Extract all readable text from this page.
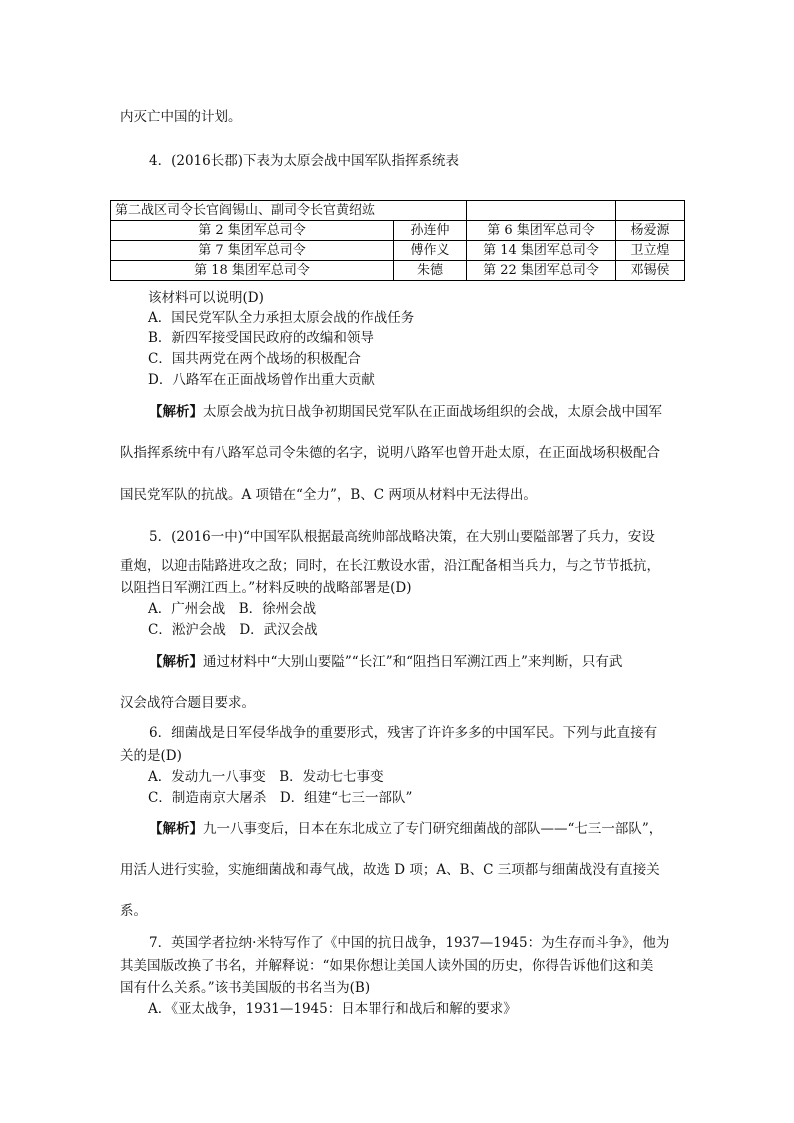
内灭亡中国的计划。
4．(2016长郡)下表为太原会战中国军队指挥系统表
第二战区司令长官阎锡山、副司令长官黄绍竑			
第 2 集团军总司令	孙连仲	第 6 集团军总司令	杨爱源
第 7 集团军总司令	傅作义	第 14 集团军总司令	卫立煌
第 18 集团军总司令	朱德	第 22 集团军总司令	邓锡侯
该材料可以说明(D)
A．国民党军队全力承担太原会战的作战任务
B．新四军接受国民政府的改编和领导
C．国共两党在两个战场的积极配合
D．八路军在正面战场曾作出重大贡献
【解析】太原会战为抗日战争初期国民党军队在正面战场组织的会战，太原会战中国军
队指挥系统中有八路军总司令朱德的名字，说明八路军也曾开赴太原，在正面战场积极配合
国民党军队的抗战。A 项错在“全力”，B、C 两项从材料中无法得出。
5．(2016一中)“中国军队根据最高统帅部战略决策，在大别山要隘部署了兵力，安设
重炮，以迎击陆路进攻之敌；同时，在长江敷设水雷，沿江配备相当兵力，与之节节抵抗，
以阻挡日军溯江西上。”材料反映的战略部署是(D)
A．广州会战　B．徐州会战
C．淞沪会战　D．武汉会战
【解析】通过材料中“大别山要隘”“长江”和“阻挡日军溯江西上”来判断，只有武
汉会战符合题目要求。
6．细菌战是日军侵华战争的重要形式，残害了许许多多的中国军民。下列与此直接有
关的是(D)
A．发动九一八事变　B．发动七七事变
C．制造南京大屠杀　D．组建“七三一部队”
【解析】九一八事变后，日本在东北成立了专门研究细菌战的部队——“七三一部队”，
用活人进行实验，实施细菌战和毒气战，故选 D 项；A、B、C 三项都与细菌战没有直接关
系。
7．英国学者拉纳·米特写作了《中国的抗日战争，1937—1945：为生存而斗争》，他为
其美国版改换了书名，并解释说：“如果你想让美国人读外国的历史，你得告诉他们这和美
国有什么关系。”该书美国版的书名当为(B)
A．《亚太战争，1931—1945：日本罪行和战后和解的要求》
